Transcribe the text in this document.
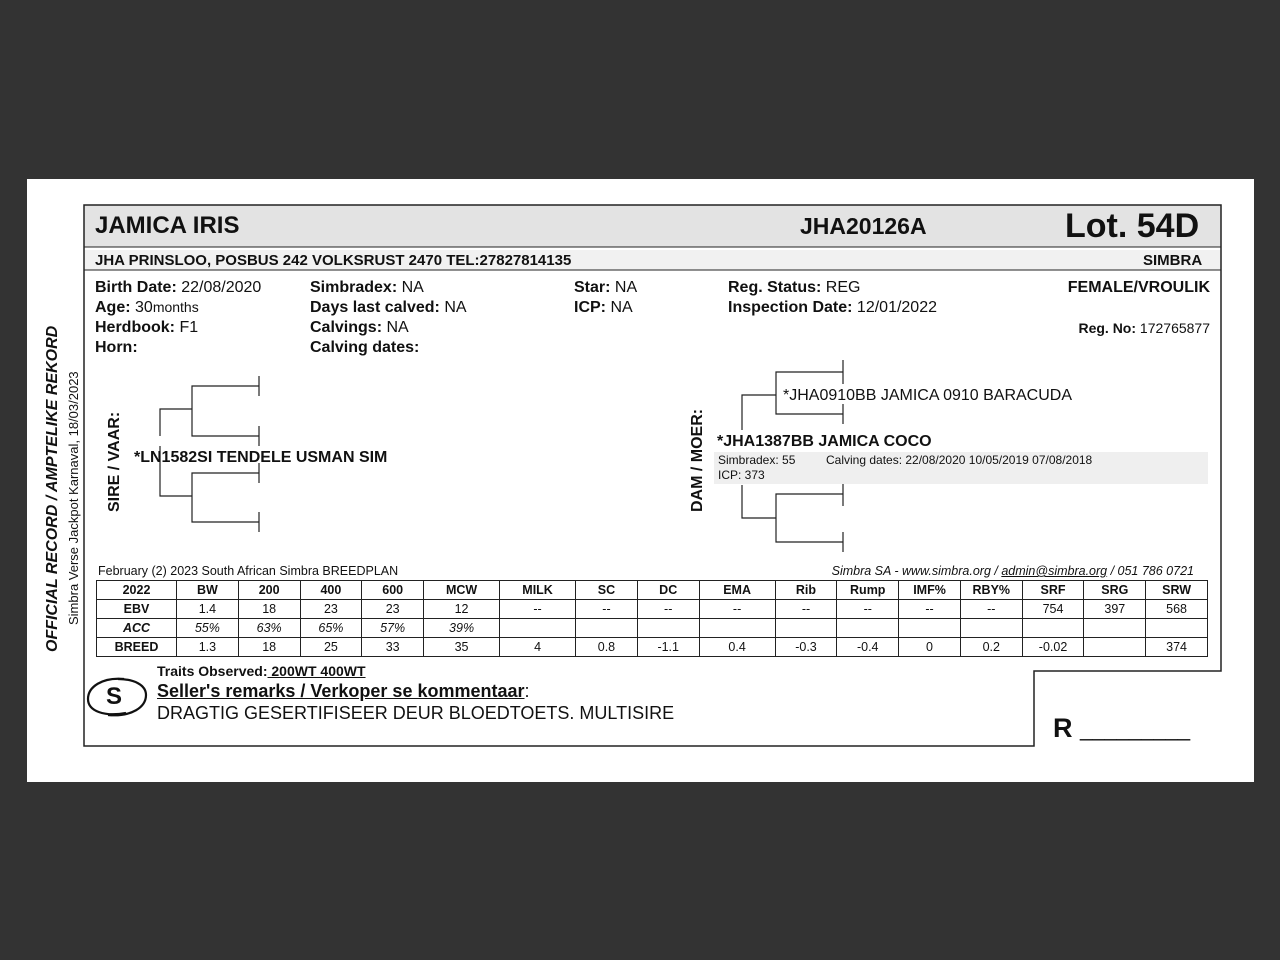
OFFICIAL RECORD / AMPTELIKE REKORD Simbra Verse Jackpot Karnaval, 18/03/2023
JAMICA IRIS	JHA20126A	Lot. 54D
JHA PRINSLOO, POSBUS 242 VOLKSRUST 2470 TEL:27827814135	SIMBRA
Birth Date: 22/08/2020
Age: 30months
Herdbook: F1
Horn:
Simbradex: NA
Days last calved: NA
Calvings: NA
Calving dates:
Star: NA
ICP: NA
Reg. Status: REG
Inspection Date: 12/01/2022
FEMALE/VROULIK
Reg. No: 172765877
SIRE / VAAR: *LN1582SI TENDELE USMAN SIM	DAM / MOER:
*JHA0910BB JAMICA 0910 BARACUDA
*JHA1387BB JAMICA COCO
Simbradex: 55	Calving dates: 22/08/2020 10/05/2019 07/08/2018
ICP: 373
February (2) 2023 South African Simbra BREEDPLAN	Simbra SA - www.simbra.org / admin@simbra.org / 051 786 0721
2022	BW	200	400	600	MCW	MILK	SC	DC	EMA	Rib	Rump	IMF%	RBY%	SRF	SRG	SRW
EBV	1.4	18	23	23	12	--	--	--	--	--	--	--	--	754	397	568
ACC	55%	63%	65%	57%	39%											
BREED	1.3	18	25	33	35	4	0.8	-1.1	0.4	-0.3	-0.4	0	0.2	-0.02		374
S
Traits Observed: 200WT 400WT
Seller's remarks / Verkoper se kommentaar:
DRAGTIG GESERTIFISEER DEUR BLOEDTOETS. MULTISIRE	R _________
